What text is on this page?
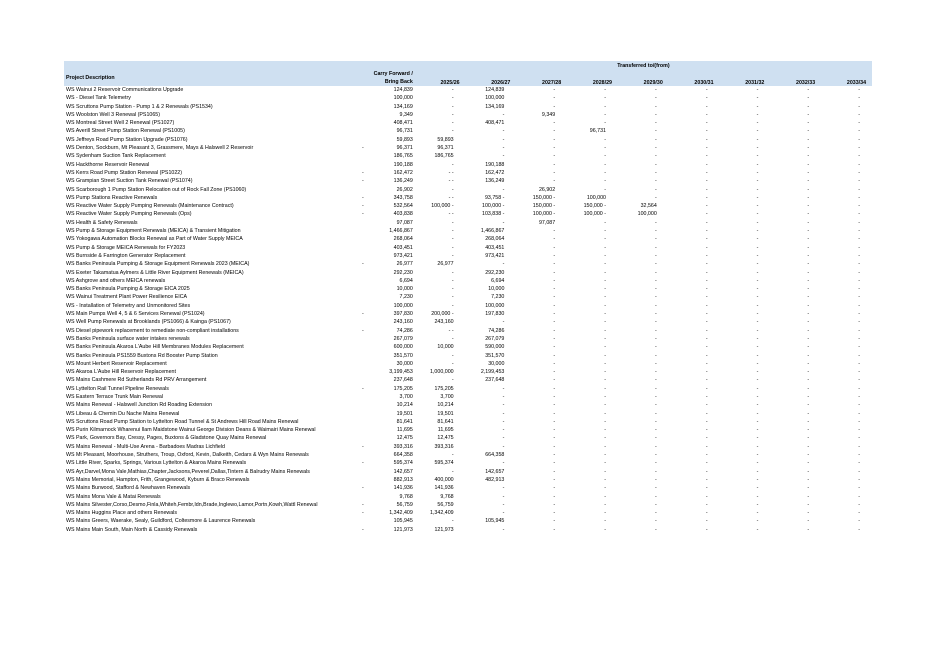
		Transferred to/(from)								
Project Description	Carry Forward / Bring Back	2025/26	2026/27	2027/28	2028/29	2029/30	2030/31	2031/32	2032/33	2033/34
WS Wainui 2 Reservoir Communications Upgrade	124,839	-	124,839	-	-	-	-	-	-	-
WS - Diesel Tank Telemetry	100,000	-	100,000	-	-	-	-	-	-	-
WS Scruttons Pump Station - Pump 1 & 2 Renewals (PS1534)	134,169	-	134,169	-	-	-	-	-	-	-
WS Woolston Well 3 Renewal (PS1065)	9,349	-	-	9,349	-	-	-	-	-	-
WS Montreal Street Well 2 Renewal (PS1027)	408,471	-	408,471	-	-	-	-	-	-	-
WS Averill Street Pump Station Renewal (PS1005)	96,731	-	-	-	96,731	-	-	-	-	-
WS Jeffreys Road Pump Station Upgrade (PS1076)	59,893	59,893	-	-	-	-	-	-	-	-
WS Denton, Sockburn, Mt Pleasant 3, Grassmere, Mays & Halswell 2 Reservoir	- 96,371	96,371	-	-	-	-	-	-	-	-
WS Sydenham Suction Tank Replacement	186,765	186,765	-	-	-	-	-	-	-	-
WS Hackthorne Reservoir Renewal	190,188	-	190,188	-	-	-	-	-	-	-
WS Kerrs Road Pump Station Renewal (PS1022)	- 162,472	- -	162,472	-	-	-	-	-	-	-
WS Grampian Street Suction Tank Renewal (PS1074)	- 136,249	- -	136,249	-	-	-	-	-	-	-
WS Scarborough 1 Pump Station Relocation out of Rock Fall Zone (PS1060)	26,902	-	-	26,902	-	-	-	-	-	-
WS Pump Stations Reactive Renewals	- 343,758	- -	93,758 -	150,000 -	100,000	-	-	-	-	-
WS Reactive Water Supply Pumping Renewals (Maintenance Contract)	- 532,564	100,000 -	100,000 -	150,000 -	150,000 -	32,564	-	-	-	-
WS Reactive Water Supply Pumping Renewals (Ops)	- 403,838	- -	103,838 -	100,000 -	100,000 -	100,000	-	-	-	-
WS Health & Safety Renewals	97,087	-	-	97,087	-	-	-	-	-	-
WS Pump & Storage Equipment Renewals (MEICA) & Transient Mitigation	1,466,867	-	1,466,867	-	-	-	-	-	-	-
WS Yokogawa Automation Blocks Renewal as Part of Water Supply MEICA	268,064	-	268,064	-	-	-	-	-	-	-
WS Pump & Storage MEICA Renewals for FY2023	403,451	-	403,451	-	-	-	-	-	-	-
WS Burnside & Farrington Generator Replacement	973,421	-	973,421	-	-	-	-	-	-	-
WS Banks Peninsula Pumping & Storage Equipment Renewals 2023 (MEICA)	- 26,977	26,977	-	-	-	-	-	-	-	-
WS Exeter Takamatua Aylmers & Little River Equipment Renewals (MEICA)	292,230	-	292,230	-	-	-	-	-	-	-
WS Ashgrove and others MEICA renewals	6,694	-	6,694	-	-	-	-	-	-	-
WS Banks Peninsula Pumping & Storage EICA 2025	10,000	-	10,000	-	-	-	-	-	-	-
WS Wainui Treatment Plant Power Resilience EICA	7,230	-	7,230	-	-	-	-	-	-	-
WS - Installation of Telemetry and Unmonitored Sites	100,000	-	100,000	-	-	-	-	-	-	-
WS Main Pumps Well 4, 5 & 6 Services Renewal (PS1024)	- 397,830	200,000 -	197,830	-	-	-	-	-	-	-
WS Well Pump Renewals at Brooklands (PS1066) & Kainga (PS1067)	243,160	243,160	-	-	-	-	-	-	-	-
WS Diesel pipework replacement to remediate non-compliant installations	- 74,286	- -	74,286	-	-	-	-	-	-	-
WS Banks Peninsula surface water intakes renewals	267,079	-	267,079	-	-	-	-	-	-	-
WS Banks Peninsula Akaroa L'Aube Hill Membranes Modules Replacement	600,000	10,000	590,000	-	-	-	-	-	-	-
WS Banks Peninsula PS1559 Buxtons Rd Booster Pump Station	351,570	-	351,570	-	-	-	-	-	-	-
WS Mount Herbert Reservoir Replacement	30,000	-	30,000	-	-	-	-	-	-	-
WS Akaroa L'Aube Hill Reservoir Replacement	3,199,453	1,000,000	2,199,453	-	-	-	-	-	-	-
WS Mains Cashmere Rd Sutherlands Rd PRV Arrangement	237,648	-	237,648	-	-	-	-	-	-	-
WS Lyttelton Rail Tunnel Pipeline Renewals	- 175,205	175,205	-	-	-	-	-	-	-	-
WS Eastern Terrace Trunk Main Renewal	3,700	3,700	-	-	-	-	-	-	-	-
WS Mains Renewal - Halswell Junction Rd Roading Extension	10,214	10,214	-	-	-	-	-	-	-	-
WS Libeau & Chemin Du Nache Mains Renewal	19,501	19,501	-	-	-	-	-	-	-	-
WS Scruttons Road Pump Station to Lyttelton Road Tunnel & St Andrews Hill Road Mains Renewal	81,641	81,641	-	-	-	-	-	-	-	-
WS Purin Kilmarnock Wharenui Ilam Maidstone Wainui George Division Deans & Waimairi Mains Renewal	11,695	11,695	-	-	-	-	-	-	-	-
WS Park, Governors Bay, Cressy, Pages, Buxtons & Gladstone Quay Mains Renewal	12,475	12,475	-	-	-	-	-	-	-	-
WS Mains Renewal - Multi-Use Arena - Barbadoes Madras Lichfield	- 393,316	393,316	-	-	-	-	-	-	-	-
WS Mt Pleasant, Moorhouse, Struthers, Troup, Oxford, Kevin, Dalkeith, Cedars & Wyn Mains Renewals	664,358	-	664,358	-	-	-	-	-	-	-
WS Little River, Sparks, Springs, Various Lyttelton & Akaroa Mains Renewals	- 595,374	595,374	-	-	-	-	-	-	-	-
WS Ayr,Darvel,Mona Vale,Mathias,Chapter,Jacksons,Peverel,Dallas,Tintern & Balrudry Mains Renewals	142,657	-	142,657	-	-	-	-	-	-	-
WS Mains Memorial, Hampton, Frith, Grangewood, Kyburn & Braco Renewals	882,913	400,000	482,913	-	-	-	-	-	-	-
WS Mains Burwood, Stafford & Newhaven Renewals	- 141,936	141,936	-	-	-	-	-	-	-	-
WS Mains Mona Vale & Matai Renewals	9,768	9,768	-	-	-	-	-	-	-	-
WS Mains Silvester,Corso,Desmo,Finla,Whiteh,Fembr,Idn,Brade,Inglewo,Lamor,Portn,Kowh,Wattl Renewal	- 56,759	56,759	-	-	-	-	-	-	-	-
WS Mains Huggins Place and others Renewals	- 1,342,409	1,342,409	-	-	-	-	-	-	-	-
WS Mains Greers, Waerake, Sealy, Guildford, Coltesmore & Laurence Renewals	105,945	-	105,945	-	-	-	-	-	-	-
WS Mains Main South, Main North & Cassidy Renewals	- 121,973	121,973	-	-	-	-	-	-	-	-
